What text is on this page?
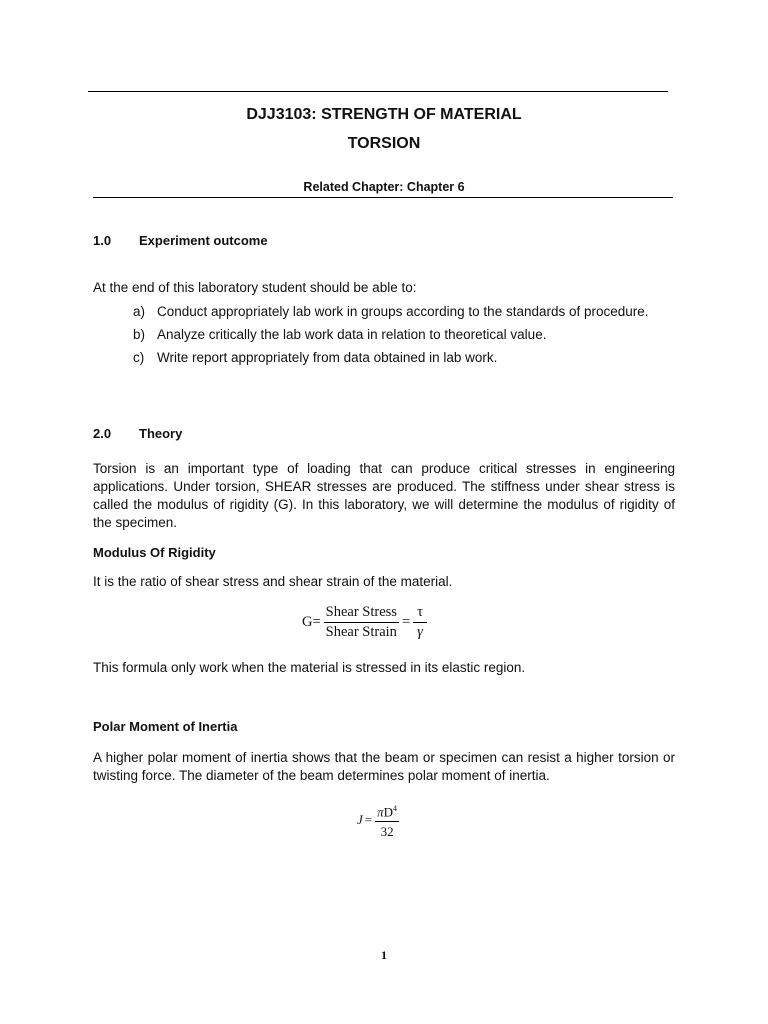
DJJ3103: STRENGTH OF MATERIAL
TORSION
Related Chapter: Chapter 6
1.0 Experiment outcome
At the end of this laboratory student should be able to:
a) Conduct appropriately lab work in groups according to the standards of procedure.
b) Analyze critically the lab work data in relation to theoretical value.
c) Write report appropriately from data obtained in lab work.
2.0 Theory
Torsion is an important type of loading that can produce critical stresses in engineering applications. Under torsion, SHEAR stresses are produced. The stiffness under shear stress is called the modulus of rigidity (G). In this laboratory, we will determine the modulus of rigidity of the specimen.
Modulus Of Rigidity
It is the ratio of shear stress and shear strain of the material.
$G= \frac{\text{Shear Stress}}{\text{Shear Strain}} = \frac{\tau}{\gamma}$
This formula only work when the material is stressed in its elastic region.
Polar Moment of Inertia
A higher polar moment of inertia shows that the beam or specimen can resist a higher torsion or twisting force. The diameter of the beam determines polar moment of inertia.
$J = \frac{\pi D^4}{32}$
1
